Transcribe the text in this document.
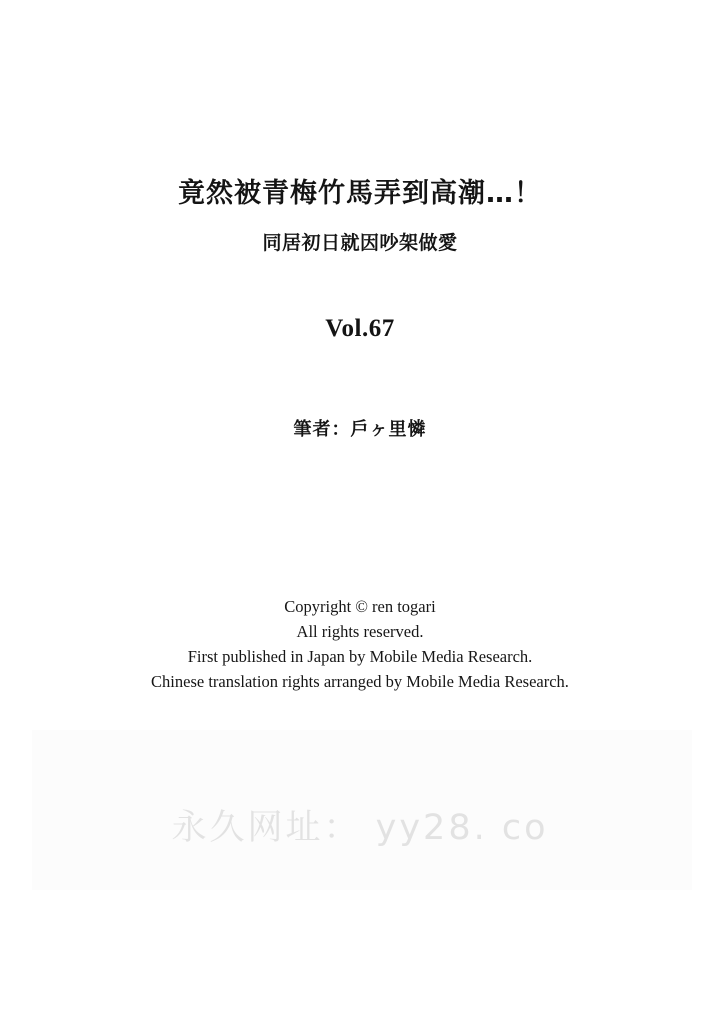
竟然被青梅竹馬弄到高潮…！
同居初日就因吵架做愛
Vol.67
筆者：戶ヶ里憐
Copyright © ren togari
All rights reserved.
First published in Japan by Mobile Media Research.
Chinese translation rights arranged by Mobile Media Research.
永久网址： yy28. co
